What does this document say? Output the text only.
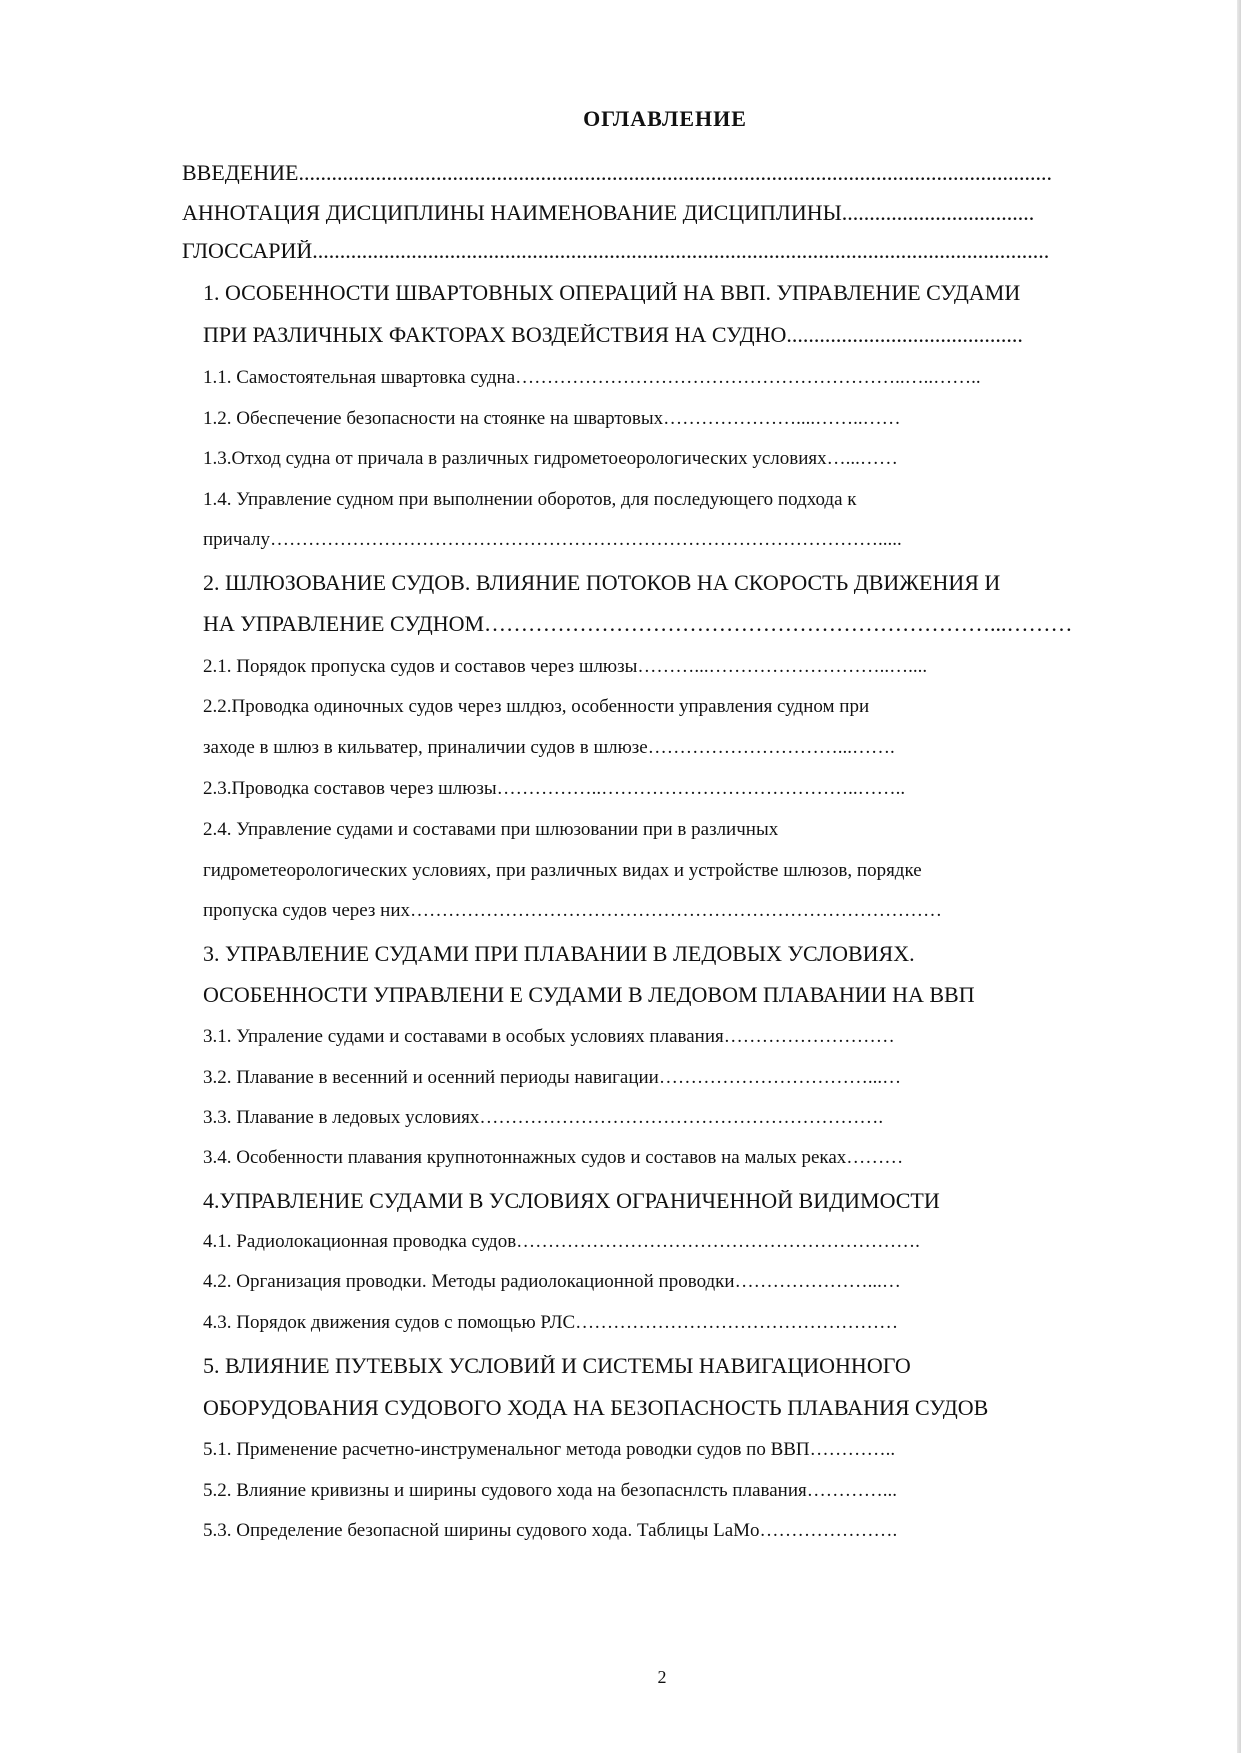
ОГЛАВЛЕНИЕ
ВВЕДЕНИЕ.........................................................................................................................................
АННОТАЦИЯ ДИСЦИПЛИНЫ НАИМЕНОВАНИЕ ДИСЦИПЛИНЫ...................................
ГЛОССАРИЙ......................................................................................................................................
1. ОСОБЕННОСТИ ШВАРТОВНЫХ ОПЕРАЦИЙ НА ВВП. УПРАВЛЕНИЕ СУДАМИ
ПРИ РАЗЛИЧНЫХ ФАКТОРАХ ВОЗДЕЙСТВИЯ НА СУДНО...........................................
1.1. Самостоятельная швартовка судна……………………………………………………..…..……..
1.2. Обеспечение безопасности на стоянке на швартовых…………………....……..……
1.3.Отход судна от причала в различных гидрометоеорологических условиях…...……
1.4. Управление судном при выполнении оборотов, для последующего подхода к
причалу…………………………………………………………………………………….....
2. ШЛЮЗОВАНИЕ СУДОВ. ВЛИЯНИЕ ПОТОКОВ НА СКОРОСТЬ ДВИЖЕНИЯ И
НА УПРАВЛЕНИЕ СУДНОМ……………………………………………………………...………
2.1. Порядок пропуска судов и составов через шлюзы………...………………………..…....
2.2.Проводка одиночных судов через шлдюз, особенности управления судном при
заходе в шлюз в кильватер, приналичии судов в шлюзе…………………………...…….
2.3.Проводка составов через шлюзы……………..…………………………………..……..
2.4. Управление судами и составами при шлюзовании при в различных
гидрометеорологических условиях, при различных видах и устройстве шлюзов, порядке
пропуска судов через них…………………………………………………………………………
3. УПРАВЛЕНИЕ СУДАМИ ПРИ ПЛАВАНИИ В ЛЕДОВЫХ УСЛОВИЯХ.
ОСОБЕННОСТИ УПРАВЛЕНИ Е СУДАМИ В ЛЕДОВОМ ПЛАВАНИИ НА ВВП
3.1. Упраление судами и составами в особых условиях плавания………………………
3.2. Плавание в весенний и осенний периоды навигации……………………………...…
3.3. Плавание в ледовых условиях……………………………………………………….
3.4. Особенности плавания крупнотоннажных судов и составов на малых реках………
4.УПРАВЛЕНИЕ СУДАМИ В УСЛОВИЯХ ОГРАНИЧЕННОЙ ВИДИМОСТИ
4.1. Радиолокационная проводка судов……………………………………………………….
4.2. Организация проводки. Методы радиолокационной проводки…………………...…
4.3. Порядок движения судов с помощью РЛС……………………………………………
5. ВЛИЯНИЕ ПУТЕВЫХ УСЛОВИЙ И СИСТЕМЫ НАВИГАЦИОННОГО
ОБОРУДОВАНИЯ СУДОВОГО ХОДА НА БЕЗОПАСНОСТЬ ПЛАВАНИЯ СУДОВ
5.1. Применение расчетно-инструменальног метода роводки судов по ВВП…………..
5.2. Влияние кривизны и ширины судового хода на безопаснлсть плавания…………...
5.3. Определение безопасной ширины судового хода. Таблицы LaMo………………….
2
